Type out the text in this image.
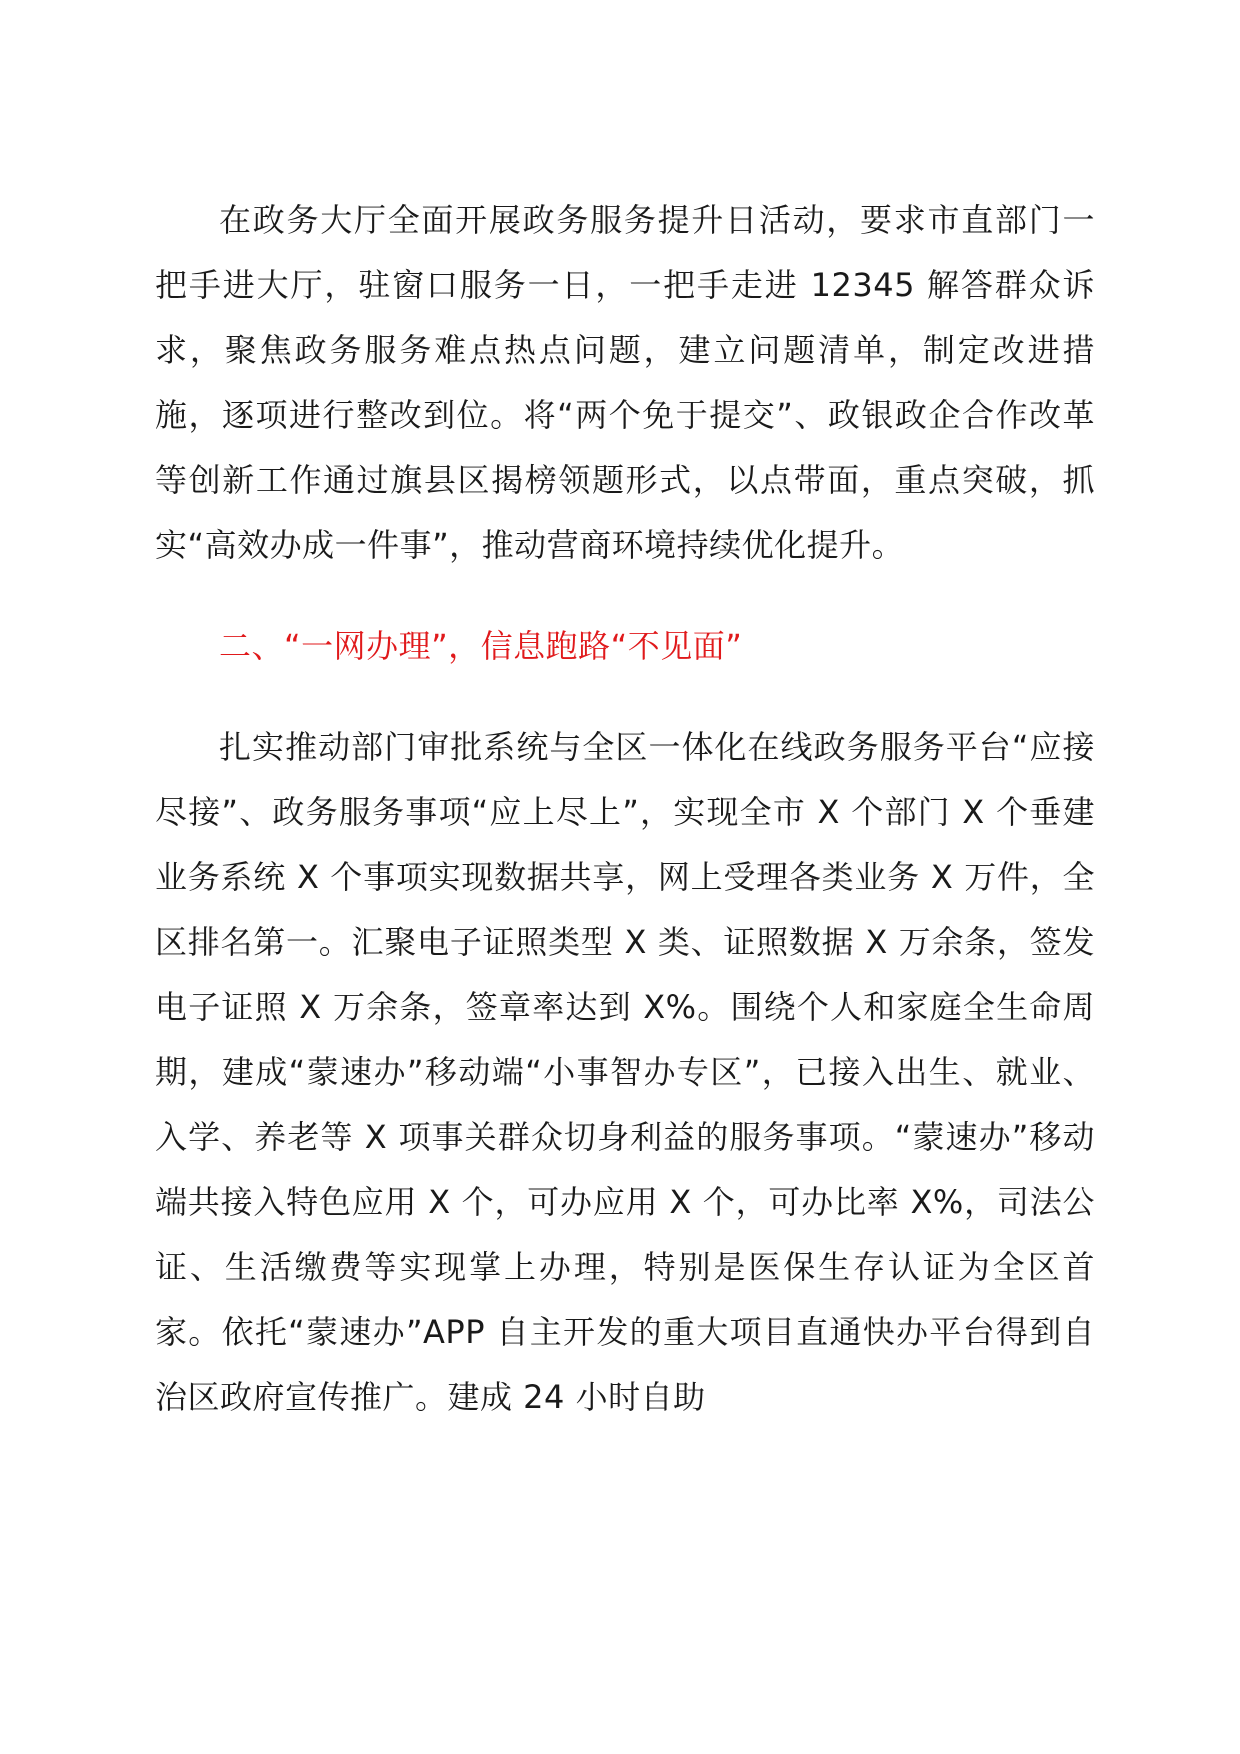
在政务大厅全面开展政务服务提升日活动，要求市直部门一把手进大厅，驻窗口服务一日，一把手走进 12345 解答群众诉求，聚焦政务服务难点热点问题，建立问题清单，制定改进措施，逐项进行整改到位。将“两个免于提交”、政银政企合作改革等创新工作通过旗县区揭榜领题形式，以点带面，重点突破，抓实“高效办成一件事”，推动营商环境持续优化提升。

二、“一网办理”，信息跑路“不见面”

扎实推动部门审批系统与全区一体化在线政务服务平台“应接尽接”、政务服务事项“应上尽上”，实现全市 X 个部门 X 个垂建业务系统 X 个事项实现数据共享，网上受理各类业务 X 万件，全区排名第一。汇聚电子证照类型 X 类、证照数据 X 万余条，签发电子证照 X 万余条，签章率达到 X%。围绕个人和家庭全生命周期，建成“蒙速办”移动端“小事智办专区”，已接入出生、就业、入学、养老等 X 项事关群众切身利益的服务事项。“蒙速办”移动端共接入特色应用 X 个，可办应用 X 个，可办比率 X%，司法公证、生活缴费等实现掌上办理，特别是医保生存认证为全区首家。依托“蒙速办”APP 自主开发的重大项目直通快办平台得到自治区政府宣传推广。建成 24 小时自助
